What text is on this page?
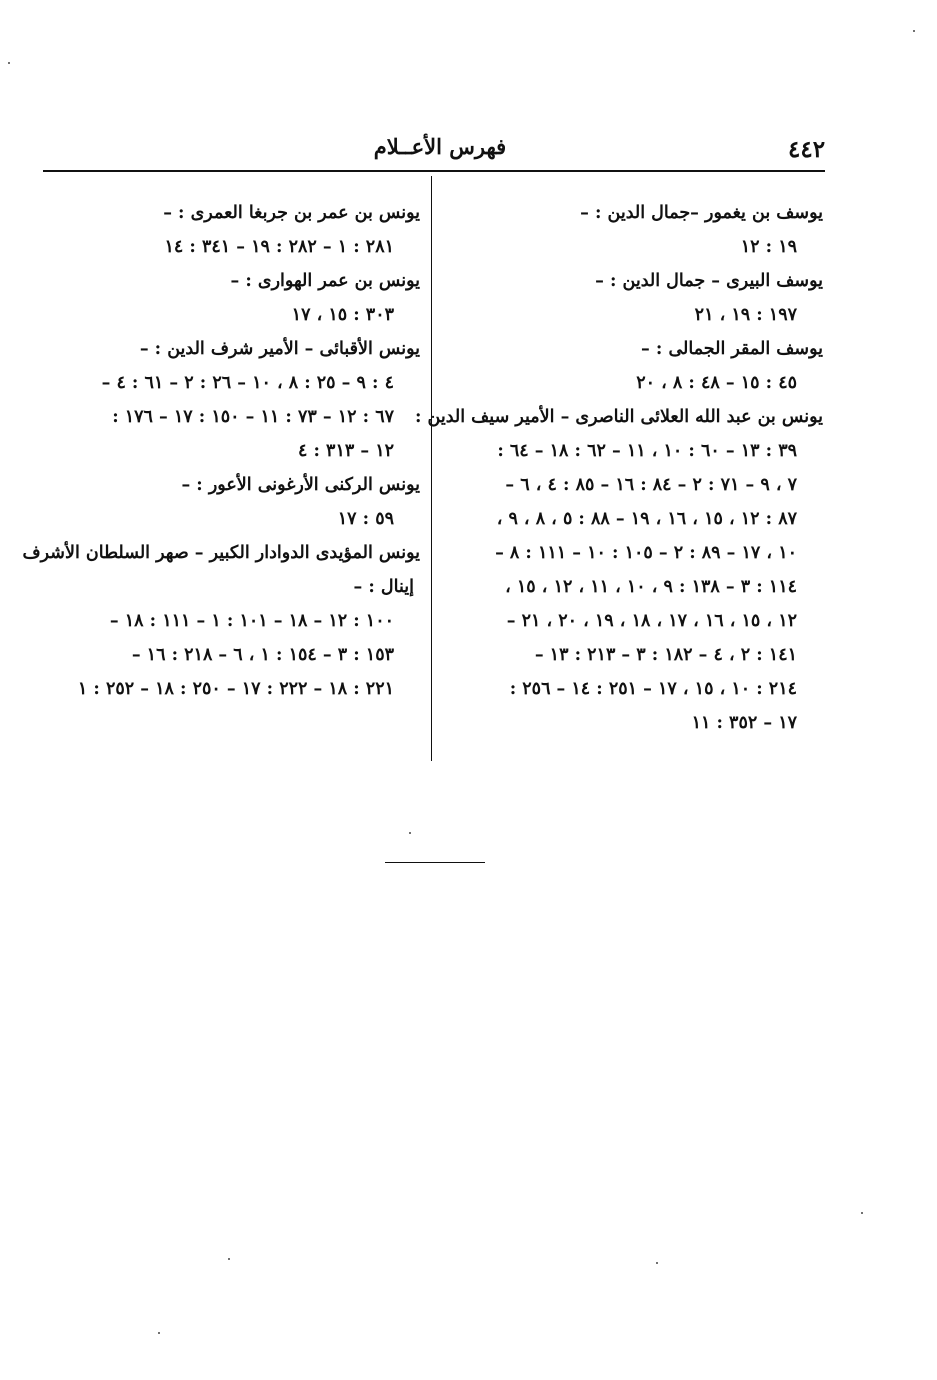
٤٤٢
فهرس الأعــلام
يوسف بن يغمور –جمال الدين : –
١٩ : ١٢
يوسف البيرى – جمال الدين : –
١٩٧ : ١٩ ، ٢١
يوسف المقر الجمالى : –
٤٥ : ١٥ – ٤٨ : ٨ ، ٢٠
يونس بن عبد الله العلائى الناصرى – الأمير سيف الدين :
٣٩ : ١٣ – ٦٠ : ١٠ ، ١١ – ٦٢ : ١٨ – ٦٤ :
٧ ، ٩ – ٧١ : ٢ – ٨٤ : ١٦ – ٨٥ : ٤ ، ٦ –
٨٧ : ١٢ ، ١٥ ، ١٦ ، ١٩ – ٨٨ : ٥ ، ٨ ، ٩ ،
١٠ ، ١٧ – ٨٩ : ٢ – ١٠٥ : ١٠ – ١١١ : ٨ –
١١٤ : ٣ – ١٣٨ : ٩ ، ١٠ ، ١١ ، ١٢ ، ١٥ ،
١٢ ، ١٥ ، ١٦ ، ١٧ ، ١٨ ، ١٩ ، ٢٠ ، ٢١ –
١٤١ : ٢ ، ٤ – ١٨٢ : ٣ – ٢١٣ : ١٣ –
٢١٤ : ١٠ ، ١٥ ، ١٧ – ٢٥١ : ١٤ – ٢٥٦ :
١٧ – ٣٥٢ : ١١
يونس بن عمر بن جربغا العمرى : –
٢٨١ : ١ – ٢٨٢ : ١٩ – ٣٤١ : ١٤
يونس بن عمر الهوارى : –
٣٠٣ : ١٥ ، ١٧
يونس الأقبائى – الأمير شرف الدين : –
٤ : ٩ – ٢٥ : ٨ ، ١٠ – ٢٦ : ٢ – ٦١ : ٤ –
٦٧ : ١٢ – ٧٣ : ١١ – ١٥٠ : ١٧ – ١٧٦ :
١٢ – ٣١٣ : ٤
يونس الركنى الأرغونى الأعور : –
٥٩ : ١٧
يونس المؤيدى الدوادار الكبير – صهر السلطان الأشرف
إينال : –
١٠٠ : ١٢ – ١٨ – ١٠١ : ١ – ١١١ : ١٨ –
١٥٣ : ٣ – ١٥٤ : ١ ، ٦ – ٢١٨ : ١٦ –
٢٢١ : ١٨ – ٢٢٢ : ١٧ – ٢٥٠ : ١٨ – ٢٥٢ : ١
